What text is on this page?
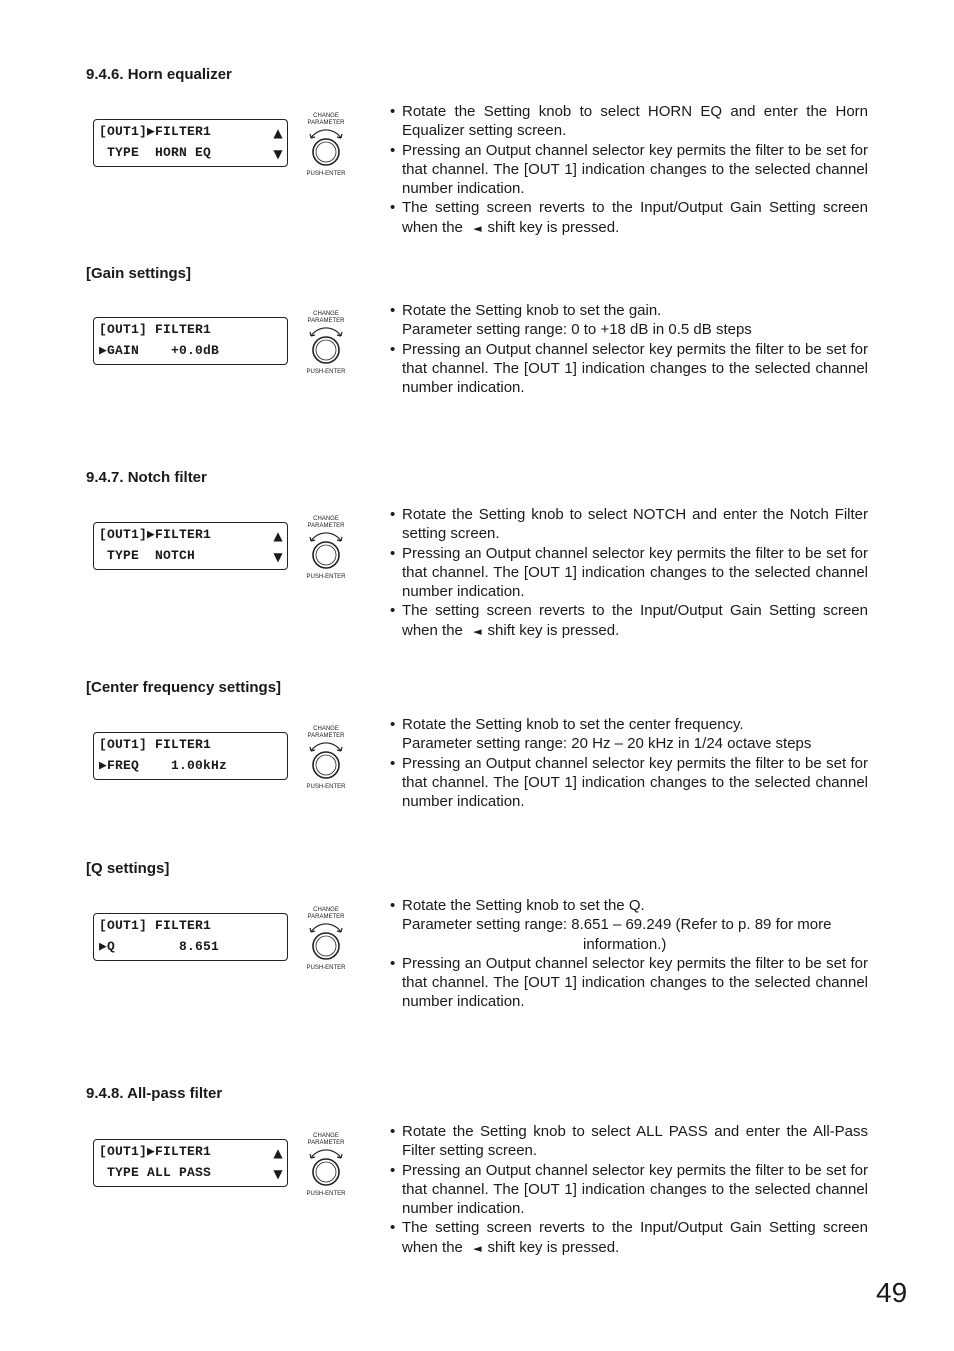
9.4.6. Horn equalizer
[OUT1]▶FILTER1
TYPE  HORN EQ
▲
▼
CHANGE
PARAMETER
PUSH-ENTER
• Rotate the Setting knob to select HORN EQ and enter the Horn Equalizer setting screen.
• Pressing an Output channel selector key permits the filter to be set for that channel. The [OUT 1] indication changes to the selected channel number indication.
• The setting screen reverts to the Input/Output Gain Setting screen when the ◄ shift key is pressed.
[Gain settings]
[OUT1] FILTER1
▶GAIN    +0.0dB
CHANGE
PARAMETER
PUSH-ENTER
• Rotate the Setting knob to set the gain.
Parameter setting range: 0 to +18 dB in 0.5 dB steps
• Pressing an Output channel selector key permits the filter to be set for that channel. The [OUT 1] indication changes to the selected channel number indication.
9.4.7. Notch filter
[OUT1]▶FILTER1
TYPE  NOTCH
▲
▼
CHANGE
PARAMETER
PUSH-ENTER
• Rotate the Setting knob to select NOTCH and enter the Notch Filter setting screen.
• Pressing an Output channel selector key permits the filter to be set for that channel. The [OUT 1] indication changes to the selected channel number indication.
• The setting screen reverts to the Input/Output Gain Setting screen when the ◄ shift key is pressed.
[Center frequency settings]
[OUT1] FILTER1
▶FREQ    1.00kHz
CHANGE
PARAMETER
PUSH-ENTER
• Rotate the Setting knob to set the center frequency.
Parameter setting range: 20 Hz – 20 kHz in 1/24 octave steps
• Pressing an Output channel selector key permits the filter to be set for that channel. The [OUT 1] indication changes to the selected channel number indication.
[Q settings]
[OUT1] FILTER1
▶Q        8.651
CHANGE
PARAMETER
PUSH-ENTER
• Rotate the Setting knob to set the Q.
Parameter setting range: 8.651 – 69.249 (Refer to p. 89 for more
information.)
• Pressing an Output channel selector key permits the filter to be set for that channel. The [OUT 1] indication changes to the selected channel number indication.
9.4.8. All-pass filter
[OUT1]▶FILTER1
TYPE ALL PASS
▲
▼
CHANGE
PARAMETER
PUSH-ENTER
• Rotate the Setting knob to select ALL PASS and enter the All-Pass Filter setting screen.
• Pressing an Output channel selector key permits the filter to be set for that channel. The [OUT 1] indication changes to the selected channel number indication.
• The setting screen reverts to the Input/Output Gain Setting screen when the ◄ shift key is pressed.
49
